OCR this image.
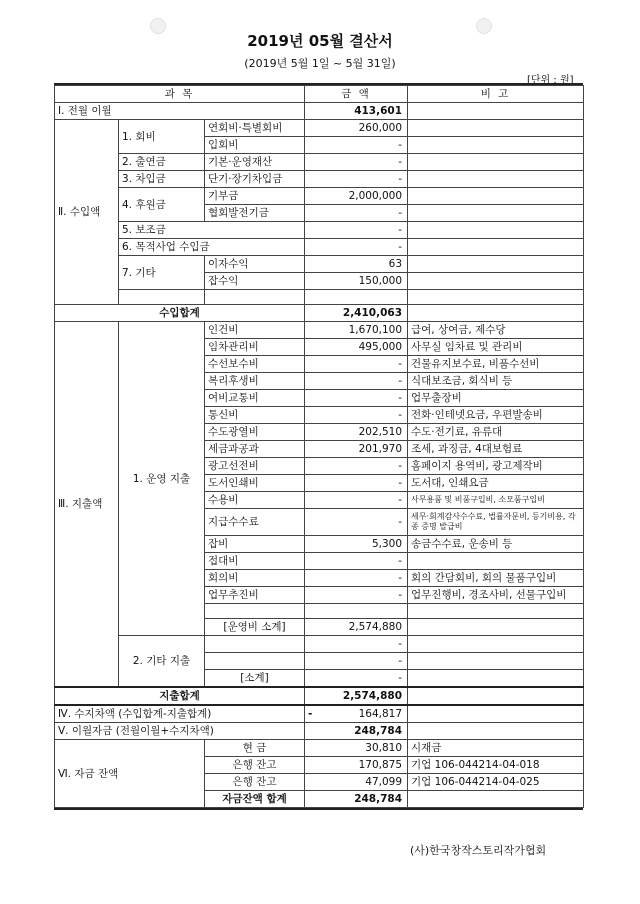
2019년 05월 결산서
(2019년 5월 1일 ~ 5월 31일)
[단위 : 원]
과 목			금 액	비 고
Ⅰ. 전월 이월			413,601	
Ⅱ. 수입액	1. 회비	연회비·특별회비	260,000	
		입회비	-	
	2. 출연금	기본·운영재산	-	
	3. 차입금	단기·장기차입금	-	
	4. 후원금	기부금	2,000,000	
		협회발전기금	-	
	5. 보조금		-	
	6. 목적사업 수입금		-	
	7. 기타	이자수익	63	
		잡수익	150,000	

수입합계			2,410,063	
Ⅲ. 지출액	1. 운영 지출	인건비	1,670,100	급여, 상여금, 제수당
		임차관리비	495,000	사무실 임차료 및 관리비
		수선보수비	-	건물유지보수료, 비품수선비
		복리후생비	-	식대보조금, 회식비 등
		여비교통비	-	업무출장비
		통신비	-	전화·인테넷요금, 우편발송비
		수도광열비	202,510	수도·전기료, 유류대
		세금과공과	201,970	조세, 과징금, 4대보험료
		광고선전비	-	홈페이지 용역비, 광고제작비
		도서인쇄비	-	도서대, 인쇄요금
		수용비	-	사무용품 및 비품구입비, 소모품구입비
		지급수수료	-	세무·회계감사수수료, 법률자문비, 등기비용, 각종 증명 발급비
		잡비	5,300	송금수수료, 운송비 등
		접대비	-	
		회의비	-	회의 간담회비, 회의 물품구입비
		업무추진비	-	업무진행비, 경조사비, 선물구입비

		[운영비 소계]	2,574,880	
	2. 기타 지출		-	
			-	
		[소계]	-	
지출합계			2,574,880	
Ⅳ. 수지차액 (수입합계-지출합계)			- 164,817	
Ⅴ. 이월자금 (전월이월+수지차액)			248,784	
Ⅵ. 자금 잔액		현 금	30,810	시재금
		은행 잔고	170,875	기업 106-044214-04-018
		은행 잔고	47,099	기업 106-044214-04-025
		자금잔액 합계	248,784	
(사)한국창작스토리작가협회
